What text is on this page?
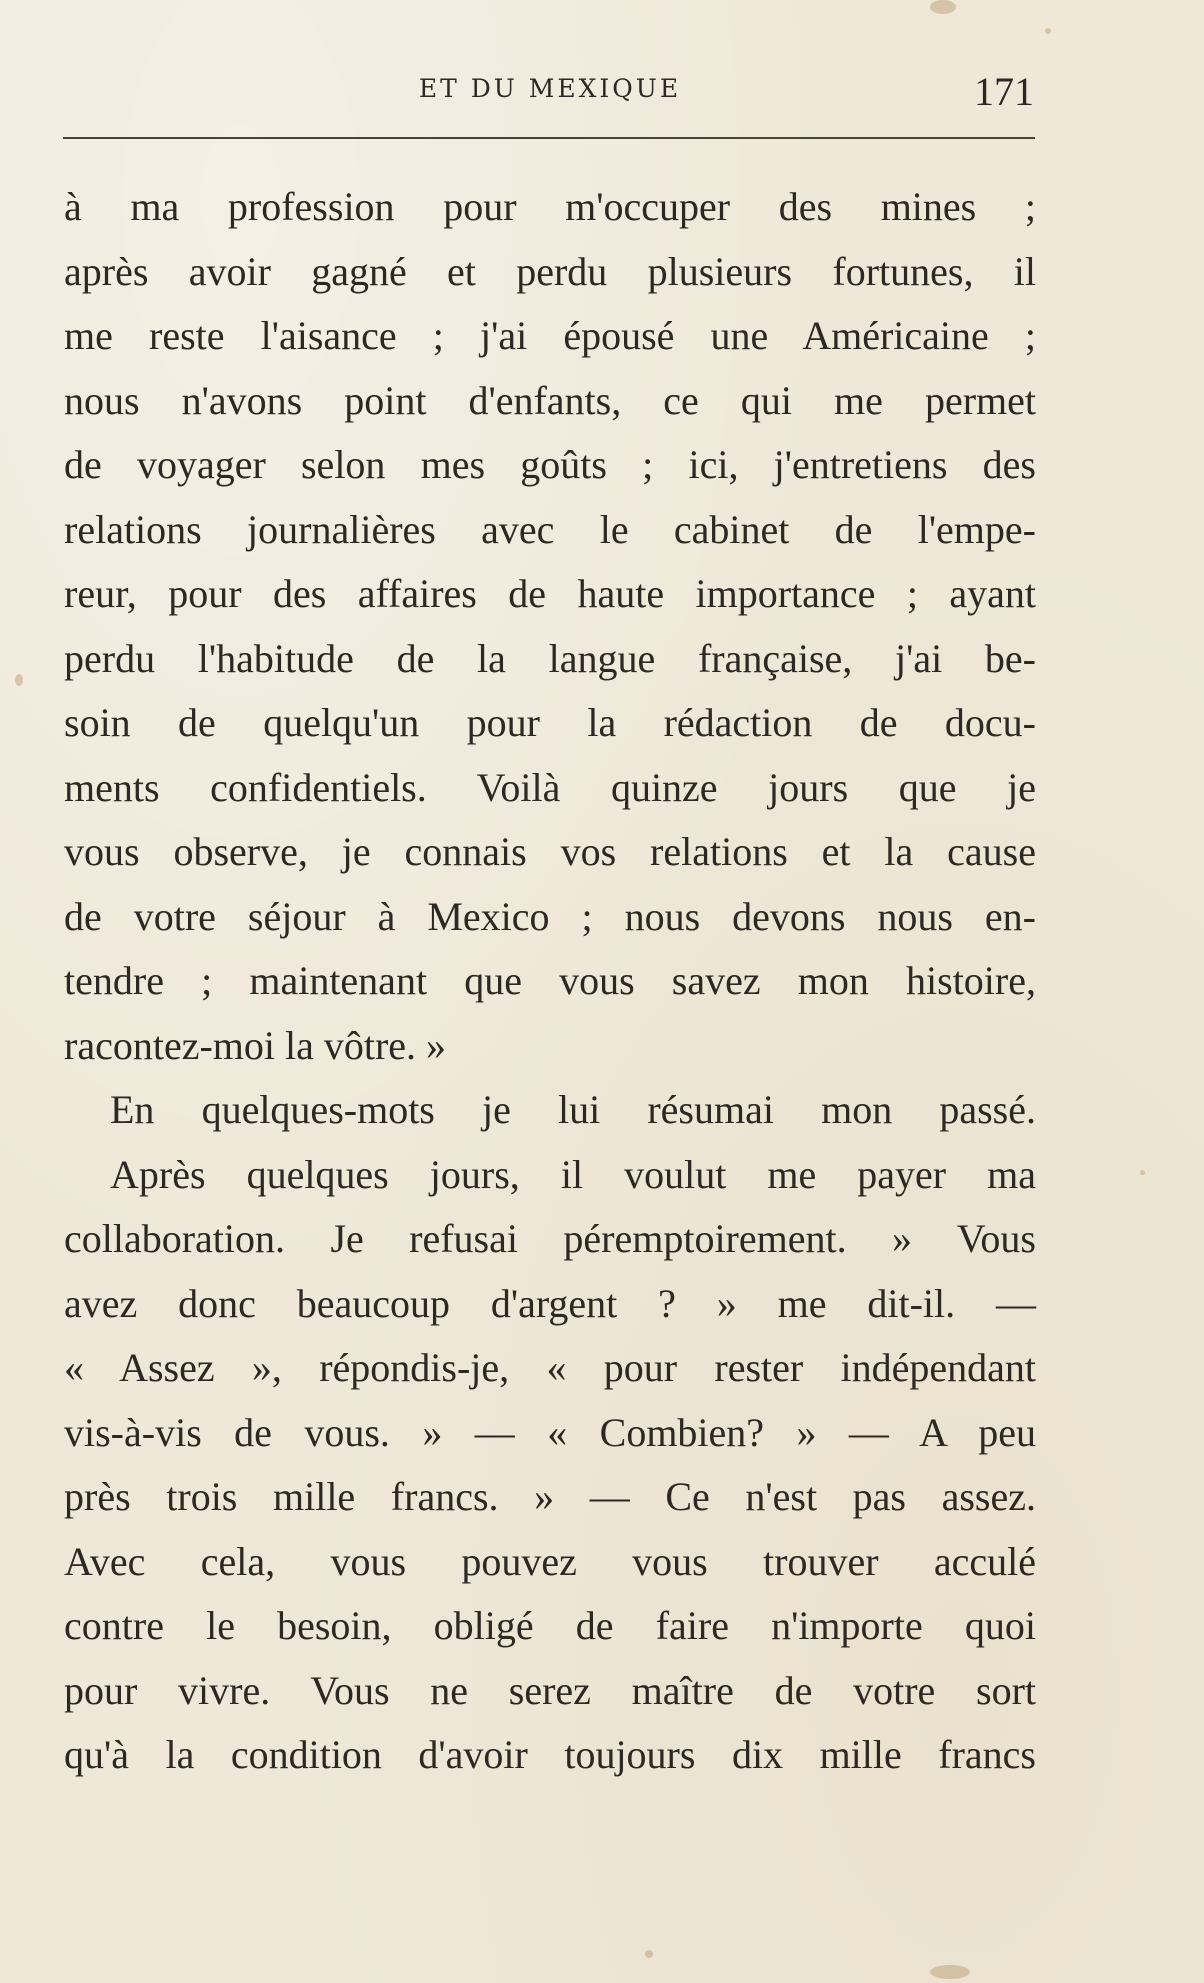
ET DU MEXIQUE	171
à ma profession pour m'occuper des mines ;
après avoir gagné et perdu plusieurs fortunes, il
me reste l'aisance ; j'ai épousé une Américaine ;
nous n'avons point d'enfants, ce qui me permet
de voyager selon mes goûts ; ici, j'entretiens des
relations journalières avec le cabinet de l'empe-
reur, pour des affaires de haute importance ; ayant
perdu l'habitude de la langue française, j'ai be-
soin de quelqu'un pour la rédaction de docu-
ments confidentiels. Voilà quinze jours que je
vous observe, je connais vos relations et la cause
de votre séjour à Mexico ; nous devons nous en-
tendre ; maintenant que vous savez mon histoire,
racontez-moi la vôtre. »
En quelques-mots je lui résumai mon passé.
Après quelques jours, il voulut me payer ma
collaboration. Je refusai péremptoirement. » Vous
avez donc beaucoup d'argent ? » me dit-il. —
« Assez », répondis-je, « pour rester indépendant
vis-à-vis de vous. » — « Combien? » — A peu
près trois mille francs. » — Ce n'est pas assez.
Avec cela, vous pouvez vous trouver acculé
contre le besoin, obligé de faire n'importe quoi
pour vivre. Vous ne serez maître de votre sort
qu'à la condition d'avoir toujours dix mille francs
